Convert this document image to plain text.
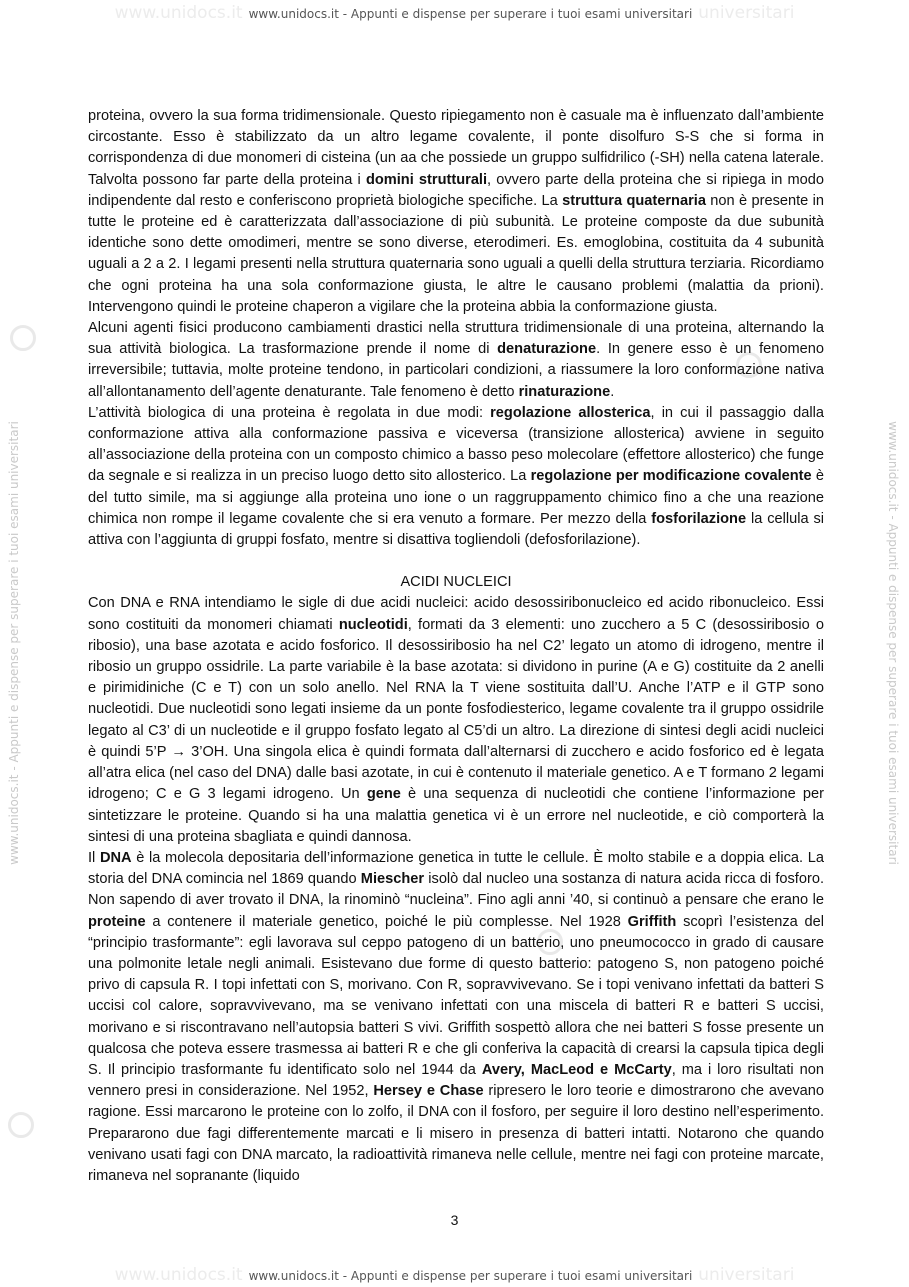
www.unidocs.it www.unidocs.it - Appunti e dispense per superare i tuoi esami universitari universitari
www.unidocs.it - Appunti e dispense per superare i tuoi esami universitari	www.unidocs.it - Appunti e dispense per superare i tuoi esami universitari

proteina, ovvero la sua forma tridimensionale. Questo ripiegamento non è casuale ma è influenzato dall’ambiente circostante. Esso è stabilizzato da un altro legame covalente, il ponte disolfuro S-S che si forma in corrispondenza di due monomeri di cisteina (un aa che possiede un gruppo sulfidrilico (-SH) nella catena laterale. Talvolta possono far parte della proteina i domini strutturali, ovvero parte della proteina che si ripiega in modo indipendente dal resto e conferiscono proprietà biologiche specifiche. La struttura quaternaria non è presente in tutte le proteine ed è caratterizzata dall’associazione di più subunità. Le proteine composte da due subunità identiche sono dette omodimeri, mentre se sono diverse, eterodimeri. Es. emoglobina, costituita da 4 subunità uguali a 2 a 2. I legami presenti nella struttura quaternaria sono uguali a quelli della struttura terziaria. Ricordiamo che ogni proteina ha una sola conformazione giusta, le altre le causano problemi (malattia da prioni). Intervengono quindi le proteine chaperon a vigilare che la proteina abbia la conformazione giusta.

Alcuni agenti fisici producono cambiamenti drastici nella struttura tridimensionale di una proteina, alternando la sua attività biologica. La trasformazione prende il nome di denaturazione. In genere esso è un fenomeno irreversibile; tuttavia, molte proteine tendono, in particolari condizioni, a riassumere la loro conformazione nativa all’allontanamento dell’agente denaturante. Tale fenomeno è detto rinaturazione.

L’attività biologica di una proteina è regolata in due modi: regolazione allosterica, in cui il passaggio dalla conformazione attiva alla conformazione passiva e viceversa (transizione allosterica) avviene in seguito all’associazione della proteina con un composto chimico a basso peso molecolare (effettore allosterico) che funge da segnale e si realizza in un preciso luogo detto sito allosterico. La regolazione per modificazione covalente è del tutto simile, ma si aggiunge alla proteina uno ione o un raggruppamento chimico fino a che una reazione chimica non rompe il legame covalente che si era venuto a formare. Per mezzo della fosforilazione la cellula si attiva con l’aggiunta di gruppi fosfato, mentre si disattiva togliendoli (defosforilazione).

ACIDI NUCLEICI

Con DNA e RNA intendiamo le sigle di due acidi nucleici: acido desossiribonucleico ed acido ribonucleico. Essi sono costituiti da monomeri chiamati nucleotidi, formati da 3 elementi: uno zucchero a 5 C (desossiribosio o ribosio), una base azotata e acido fosforico. Il desossiribosio ha nel C2’ legato un atomo di idrogeno, mentre il ribosio un gruppo ossidrile. La parte variabile è la base azotata: si dividono in purine (A e G) costituite da 2 anelli e pirimidiniche (C e T) con un solo anello. Nel RNA la T viene sostituita dall’U. Anche l’ATP e il GTP sono nucleotidi. Due nucleotidi sono legati insieme da un ponte fosfodiesterico, legame covalente tra il gruppo ossidrile legato al C3’ di un nucleotide e il gruppo fosfato legato al C5’di un altro. La direzione di sintesi degli acidi nucleici è quindi 5’P → 3’OH. Una singola elica è quindi formata dall’alternarsi di zucchero e acido fosforico ed è legata all’atra elica (nel caso del DNA) dalle basi azotate, in cui è contenuto il materiale genetico. A e T formano 2 legami idrogeno; C e G 3 legami idrogeno. Un gene è una sequenza di nucleotidi che contiene l’informazione per sintetizzare le proteine. Quando si ha una malattia genetica vi è un errore nel nucleotide, e ciò comporterà la sintesi di una proteina sbagliata e quindi dannosa.

Il DNA è la molecola depositaria dell’informazione genetica in tutte le cellule. È molto stabile e a doppia elica. La storia del DNA comincia nel 1869 quando Miescher isolò dal nucleo una sostanza di natura acida ricca di fosforo. Non sapendo di aver trovato il DNA, la rinominò “nucleina”. Fino agli anni ’40, si continuò a pensare che erano le proteine a contenere il materiale genetico, poiché le più complesse. Nel 1928 Griffith scoprì l’esistenza del “principio trasformante”: egli lavorava sul ceppo patogeno di un batterio, uno pneumococco in grado di causare una polmonite letale negli animali. Esistevano due forme di questo batterio: patogeno S, non patogeno poiché privo di capsula R. I topi infettati con S, morivano. Con R, sopravvivevano. Se i topi venivano infettati da batteri S uccisi col calore, sopravvivevano, ma se venivano infettati con una miscela di batteri R e batteri S uccisi, morivano e si riscontravano nell’autopsia batteri S vivi. Griffith sospettò allora che nei batteri S fosse presente un qualcosa che poteva essere trasmessa ai batteri R e che gli conferiva la capacità di crearsi la capsula tipica degli S. Il principio trasformante fu identificato solo nel 1944 da Avery, MacLeod e McCarty, ma i loro risultati non vennero presi in considerazione. Nel 1952, Hersey e Chase ripresero le loro teorie e dimostrarono che avevano ragione. Essi marcarono le proteine con lo zolfo, il DNA con il fosforo, per seguire il loro destino nell’esperimento. Prepararono due fagi differentemente marcati e li misero in presenza di batteri intatti. Notarono che quando venivano usati fagi con DNA marcato, la radioattività rimaneva nelle cellule, mentre nei fagi con proteine marcate, rimaneva nel sopranante (liquido

3
www.unidocs.it www.unidocs.it - Appunti e dispense per superare i tuoi esami universitari universitari
